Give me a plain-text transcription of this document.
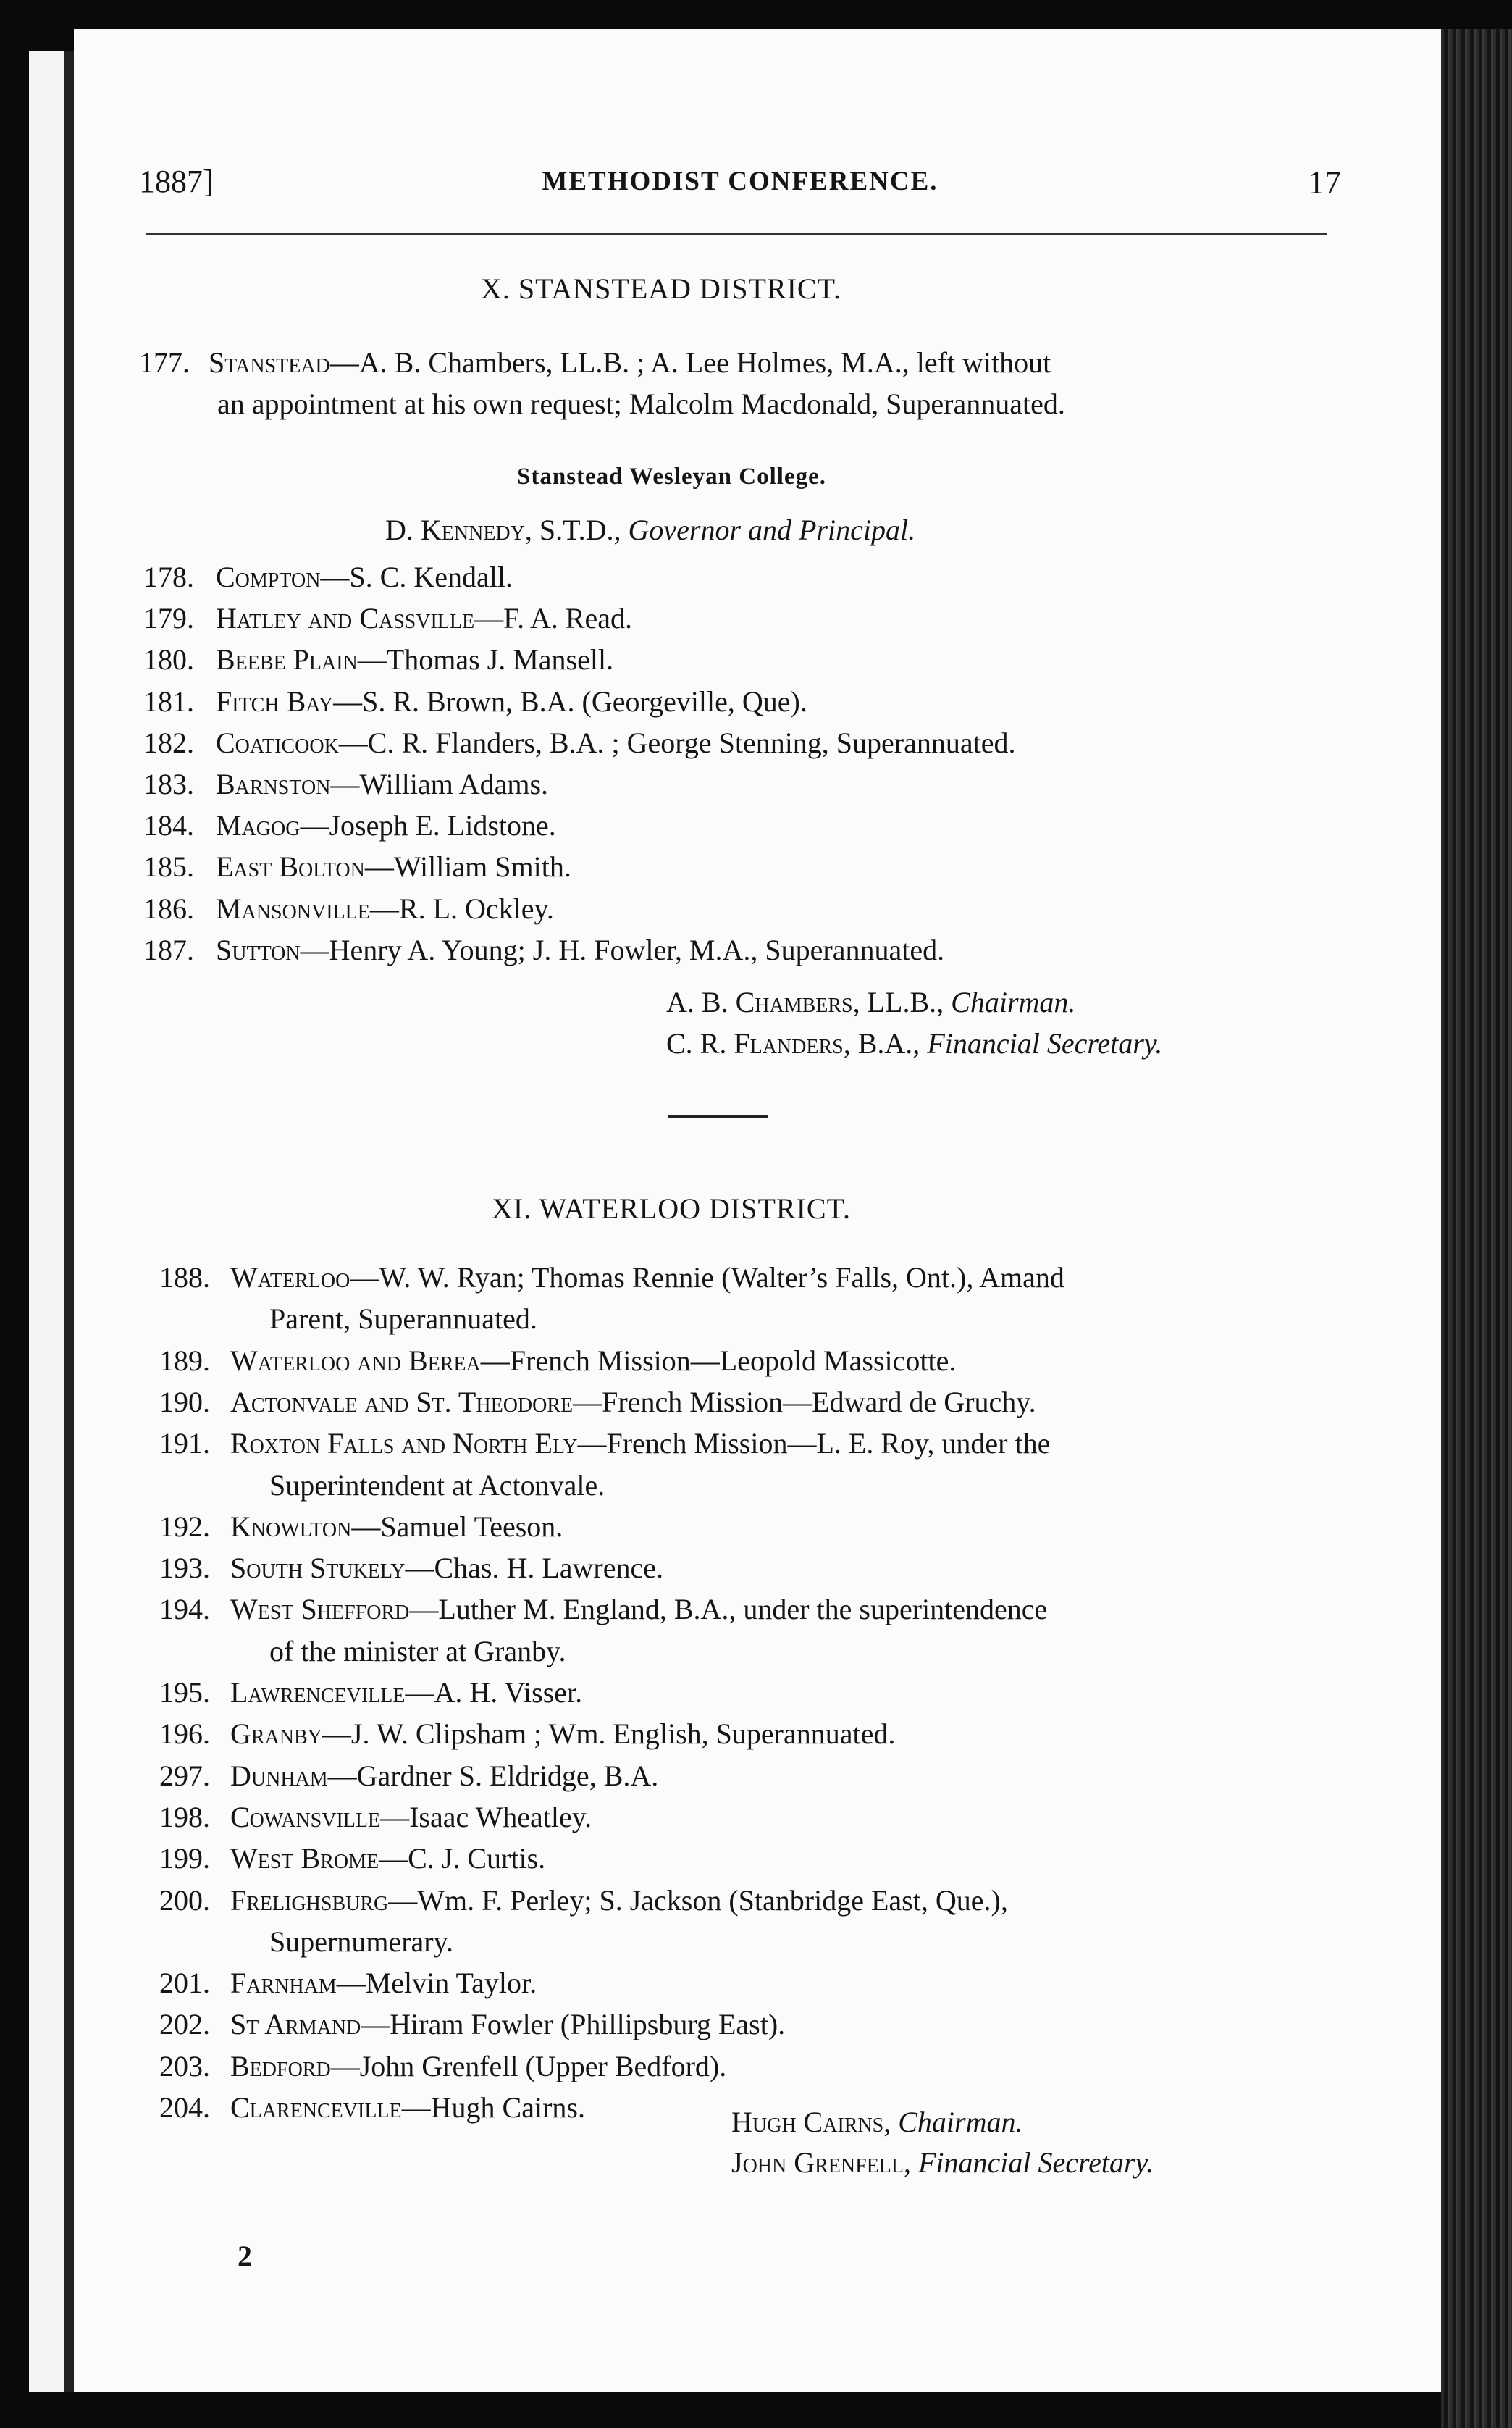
1887]	METHODIST CONFERENCE.	17
X. STANSTEAD DISTRICT.
177. Stanstead—A. B. Chambers, LL.B. ; A. Lee Holmes, M.A., left without
an appointment at his own request; Malcolm Macdonald, Superannuated.
Stanstead Wesleyan College.
D. Kennedy, S.T.D., Governor and Principal.
178. Compton—S. C. Kendall.
179. Hatley and Cassville—F. A. Read.
180. Beebe Plain—Thomas J. Mansell.
181. Fitch Bay—S. R. Brown, B.A. (Georgeville, Que).
182. Coaticook—C. R. Flanders, B.A. ; George Stenning, Superannuated.
183. Barnston—William Adams.
184. Magog—Joseph E. Lidstone.
185. East Bolton—William Smith.
186. Mansonville—R. L. Ockley.
187. Sutton—Henry A. Young; J. H. Fowler, M.A., Superannuated.
A. B. Chambers, LL.B., Chairman.
C. R. Flanders, B.A., Financial Secretary.
XI. WATERLOO DISTRICT.
188. Waterloo—W. W. Ryan; Thomas Rennie (Walter’s Falls, Ont.), Amand
Parent, Superannuated.
189. Waterloo and Berea—French Mission—Leopold Massicotte.
190. Actonvale and St. Theodore—French Mission—Edward de Gruchy.
191. Roxton Falls and North Ely—French Mission—L. E. Roy, under the
Superintendent at Actonvale.
192. Knowlton—Samuel Teeson.
193. South Stukely—Chas. H. Lawrence.
194. West Shefford—Luther M. England, B.A., under the superintendence
of the minister at Granby.
195. Lawrenceville—A. H. Visser.
196. Granby—J. W. Clipsham ; Wm. English, Superannuated.
297. Dunham—Gardner S. Eldridge, B.A.
198. Cowansville—Isaac Wheatley.
199. West Brome—C. J. Curtis.
200. Frelighsburg—Wm. F. Perley; S. Jackson (Stanbridge East, Que.),
Supernumerary.
201. Farnham—Melvin Taylor.
202. St Armand—Hiram Fowler (Phillipsburg East).
203. Bedford—John Grenfell (Upper Bedford).
204. Clarenceville—Hugh Cairns.	Hugh Cairns, Chairman.
John Grenfell, Financial Secretary.
2
